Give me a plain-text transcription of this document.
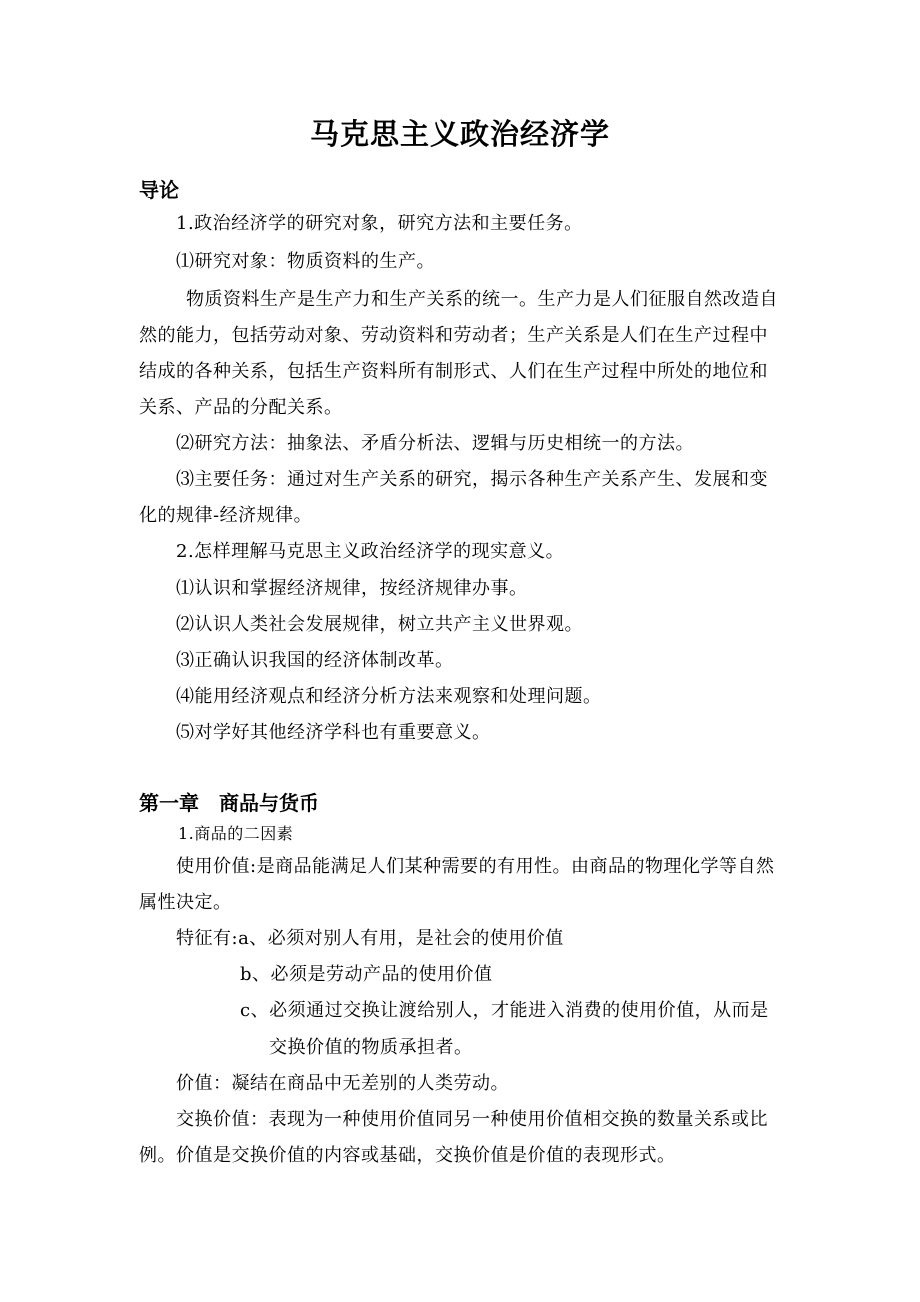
马克思主义政治经济学
导论

1.政治经济学的研究对象，研究方法和主要任务。

⑴研究对象：物质资料的生产。

物质资料生产是生产力和生产关系的统一。生产力是人们征服自然改造自

然的能力，包括劳动对象、劳动资料和劳动者；生产关系是人们在生产过程中

结成的各种关系，包括生产资料所有制形式、人们在生产过程中所处的地位和

关系、产品的分配关系。

⑵研究方法：抽象法、矛盾分析法、逻辑与历史相统一的方法。

⑶主要任务：通过对生产关系的研究，揭示各种生产关系产生、发展和变

化的规律-经济规律。

2.怎样理解马克思主义政治经济学的现实意义。

⑴认识和掌握经济规律，按经济规律办事。

⑵认识人类社会发展规律，树立共产主义世界观。

⑶正确认识我国的经济体制改革。

⑷能用经济观点和经济分析方法来观察和处理问题。

⑸对学好其他经济学科也有重要意义。

第一章　商品与货币

1.商品的二因素

使用价值:是商品能满足人们某种需要的有用性。由商品的物理化学等自然

属性决定。

特征有:a、必须对别人有用，是社会的使用价值

b、必须是劳动产品的使用价值

c、必须通过交换让渡给别人，才能进入消费的使用价值，从而是

交换价值的物质承担者。

价值：凝结在商品中无差别的人类劳动。

交换价值：表现为一种使用价值同另一种使用价值相交换的数量关系或比

例。价值是交换价值的内容或基础，交换价值是价值的表现形式。
